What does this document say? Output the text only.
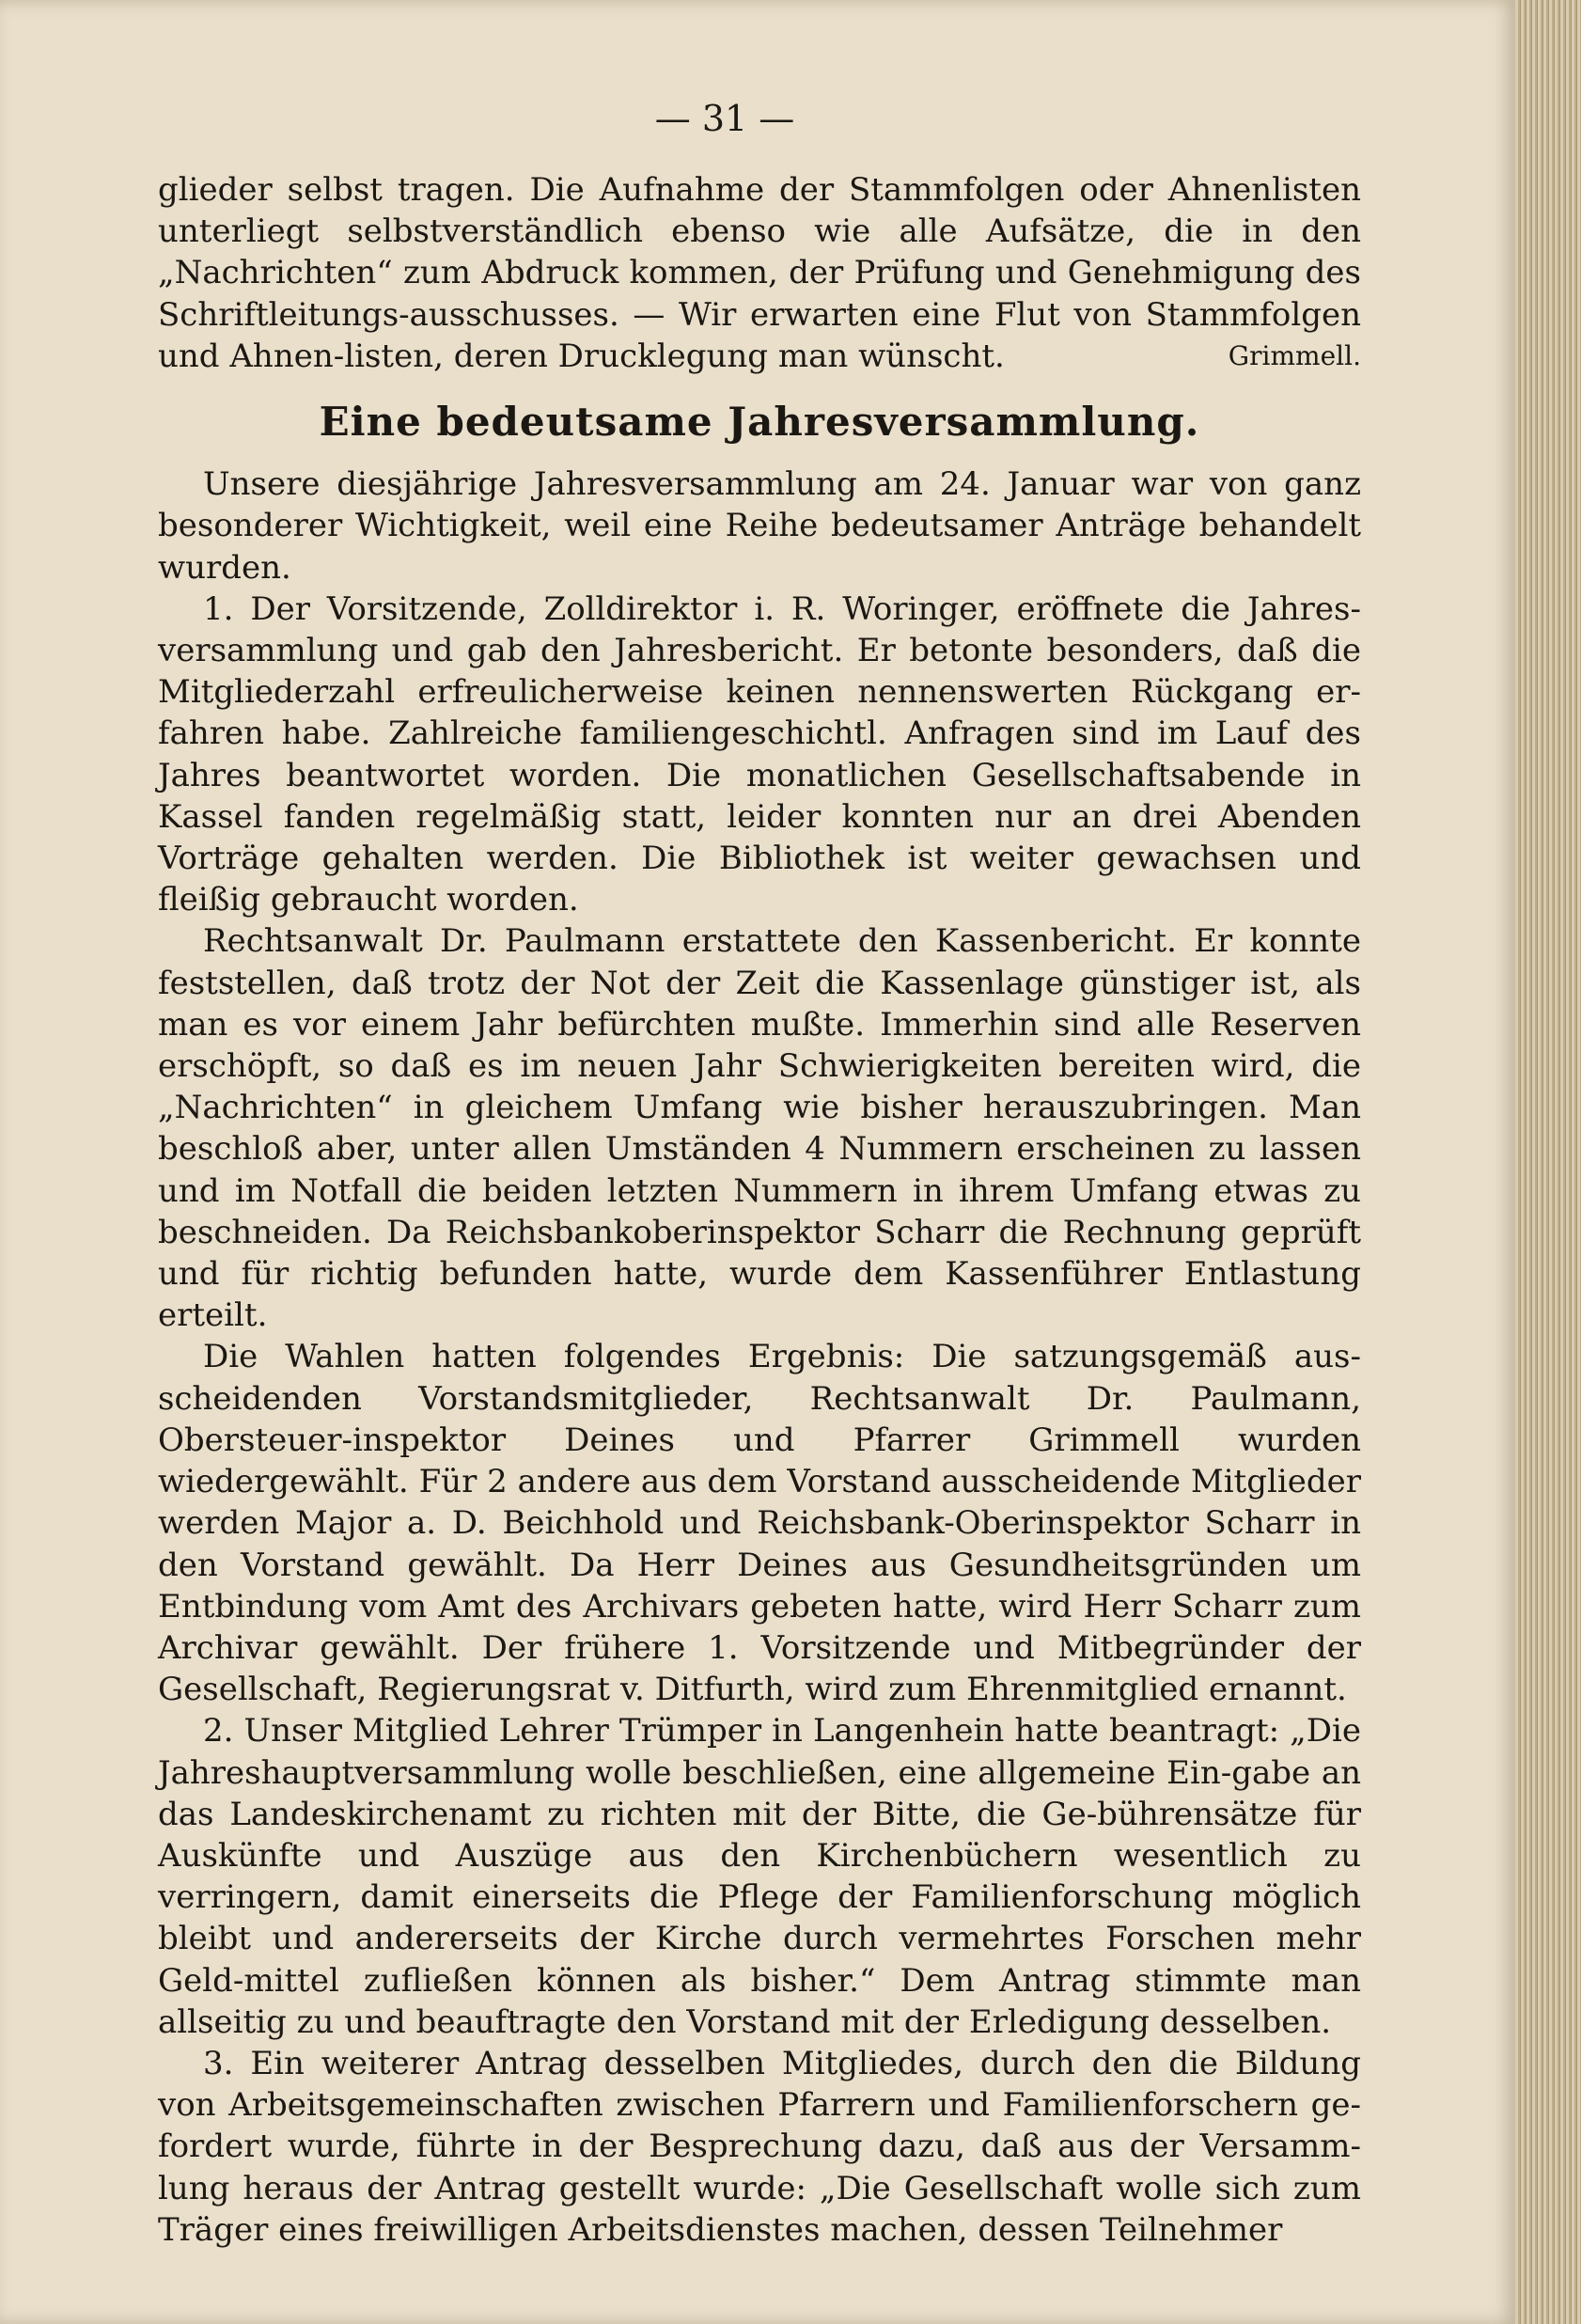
— 31 —

glieder selbst tragen. Die Aufnahme der Stammfolgen oder Ahnenlisten unterliegt selbstverständlich ebenso wie alle Aufsätze, die in den „Nachrichten“ zum Abdruck kommen, der Prüfung und Genehmigung des Schriftleitungs-ausschusses. — Wir erwarten eine Flut von Stammfolgen und Ahnen-listen, deren Drucklegung man wünscht.	Grimmell.
Eine bedeutsame Jahresversammlung.

Unsere diesjährige Jahresversammlung am 24. Januar war von ganz besonderer Wichtigkeit, weil eine Reihe bedeutsamer Anträge behandelt wurden.

1. Der Vorsitzende, Zolldirektor i. R. Woringer, eröffnete die Jahres-versammlung und gab den Jahresbericht. Er betonte besonders, daß die Mitgliederzahl erfreulicherweise keinen nennenswerten Rückgang er-fahren habe. Zahlreiche familiengeschichtl. Anfragen sind im Lauf des Jahres beantwortet worden. Die monatlichen Gesellschaftsabende in Kassel fanden regelmäßig statt, leider konnten nur an drei Abenden Vorträge gehalten werden. Die Bibliothek ist weiter gewachsen und fleißig gebraucht worden.

Rechtsanwalt Dr. Paulmann erstattete den Kassenbericht. Er konnte feststellen, daß trotz der Not der Zeit die Kassenlage günstiger ist, als man es vor einem Jahr befürchten mußte. Immerhin sind alle Reserven erschöpft, so daß es im neuen Jahr Schwierigkeiten bereiten wird, die „Nachrichten“ in gleichem Umfang wie bisher herauszubringen. Man beschloß aber, unter allen Umständen 4 Nummern erscheinen zu lassen und im Notfall die beiden letzten Nummern in ihrem Umfang etwas zu beschneiden. Da Reichsbankoberinspektor Scharr die Rechnung geprüft und für richtig befunden hatte, wurde dem Kassenführer Entlastung erteilt.

Die Wahlen hatten folgendes Ergebnis: Die satzungsgemäß aus-scheidenden Vorstandsmitglieder, Rechtsanwalt Dr. Paulmann, Obersteuer-inspektor Deines und Pfarrer Grimmell wurden wiedergewählt. Für 2 andere aus dem Vorstand ausscheidende Mitglieder werden Major a. D. Beichhold und Reichsbank-Oberinspektor Scharr in den Vorstand gewählt. Da Herr Deines aus Gesundheitsgründen um Entbindung vom Amt des Archivars gebeten hatte, wird Herr Scharr zum Archivar gewählt. Der frühere 1. Vorsitzende und Mitbegründer der Gesellschaft, Regierungsrat v. Ditfurth, wird zum Ehrenmitglied ernannt.

2. Unser Mitglied Lehrer Trümper in Langenhein hatte beantragt: „Die Jahreshauptversammlung wolle beschließen, eine allgemeine Ein-gabe an das Landeskirchenamt zu richten mit der Bitte, die Ge-bührensätze für Auskünfte und Auszüge aus den Kirchenbüchern wesentlich zu verringern, damit einerseits die Pflege der Familienforschung möglich bleibt und andererseits der Kirche durch vermehrtes Forschen mehr Geld-mittel zufließen können als bisher.“ Dem Antrag stimmte man allseitig zu und beauftragte den Vorstand mit der Erledigung desselben.

3. Ein weiterer Antrag desselben Mitgliedes, durch den die Bildung von Arbeitsgemeinschaften zwischen Pfarrern und Familienforschern ge-fordert wurde, führte in der Besprechung dazu, daß aus der Versamm-lung heraus der Antrag gestellt wurde: „Die Gesellschaft wolle sich zum Träger eines freiwilligen Arbeitsdienstes machen, dessen Teilnehmer
